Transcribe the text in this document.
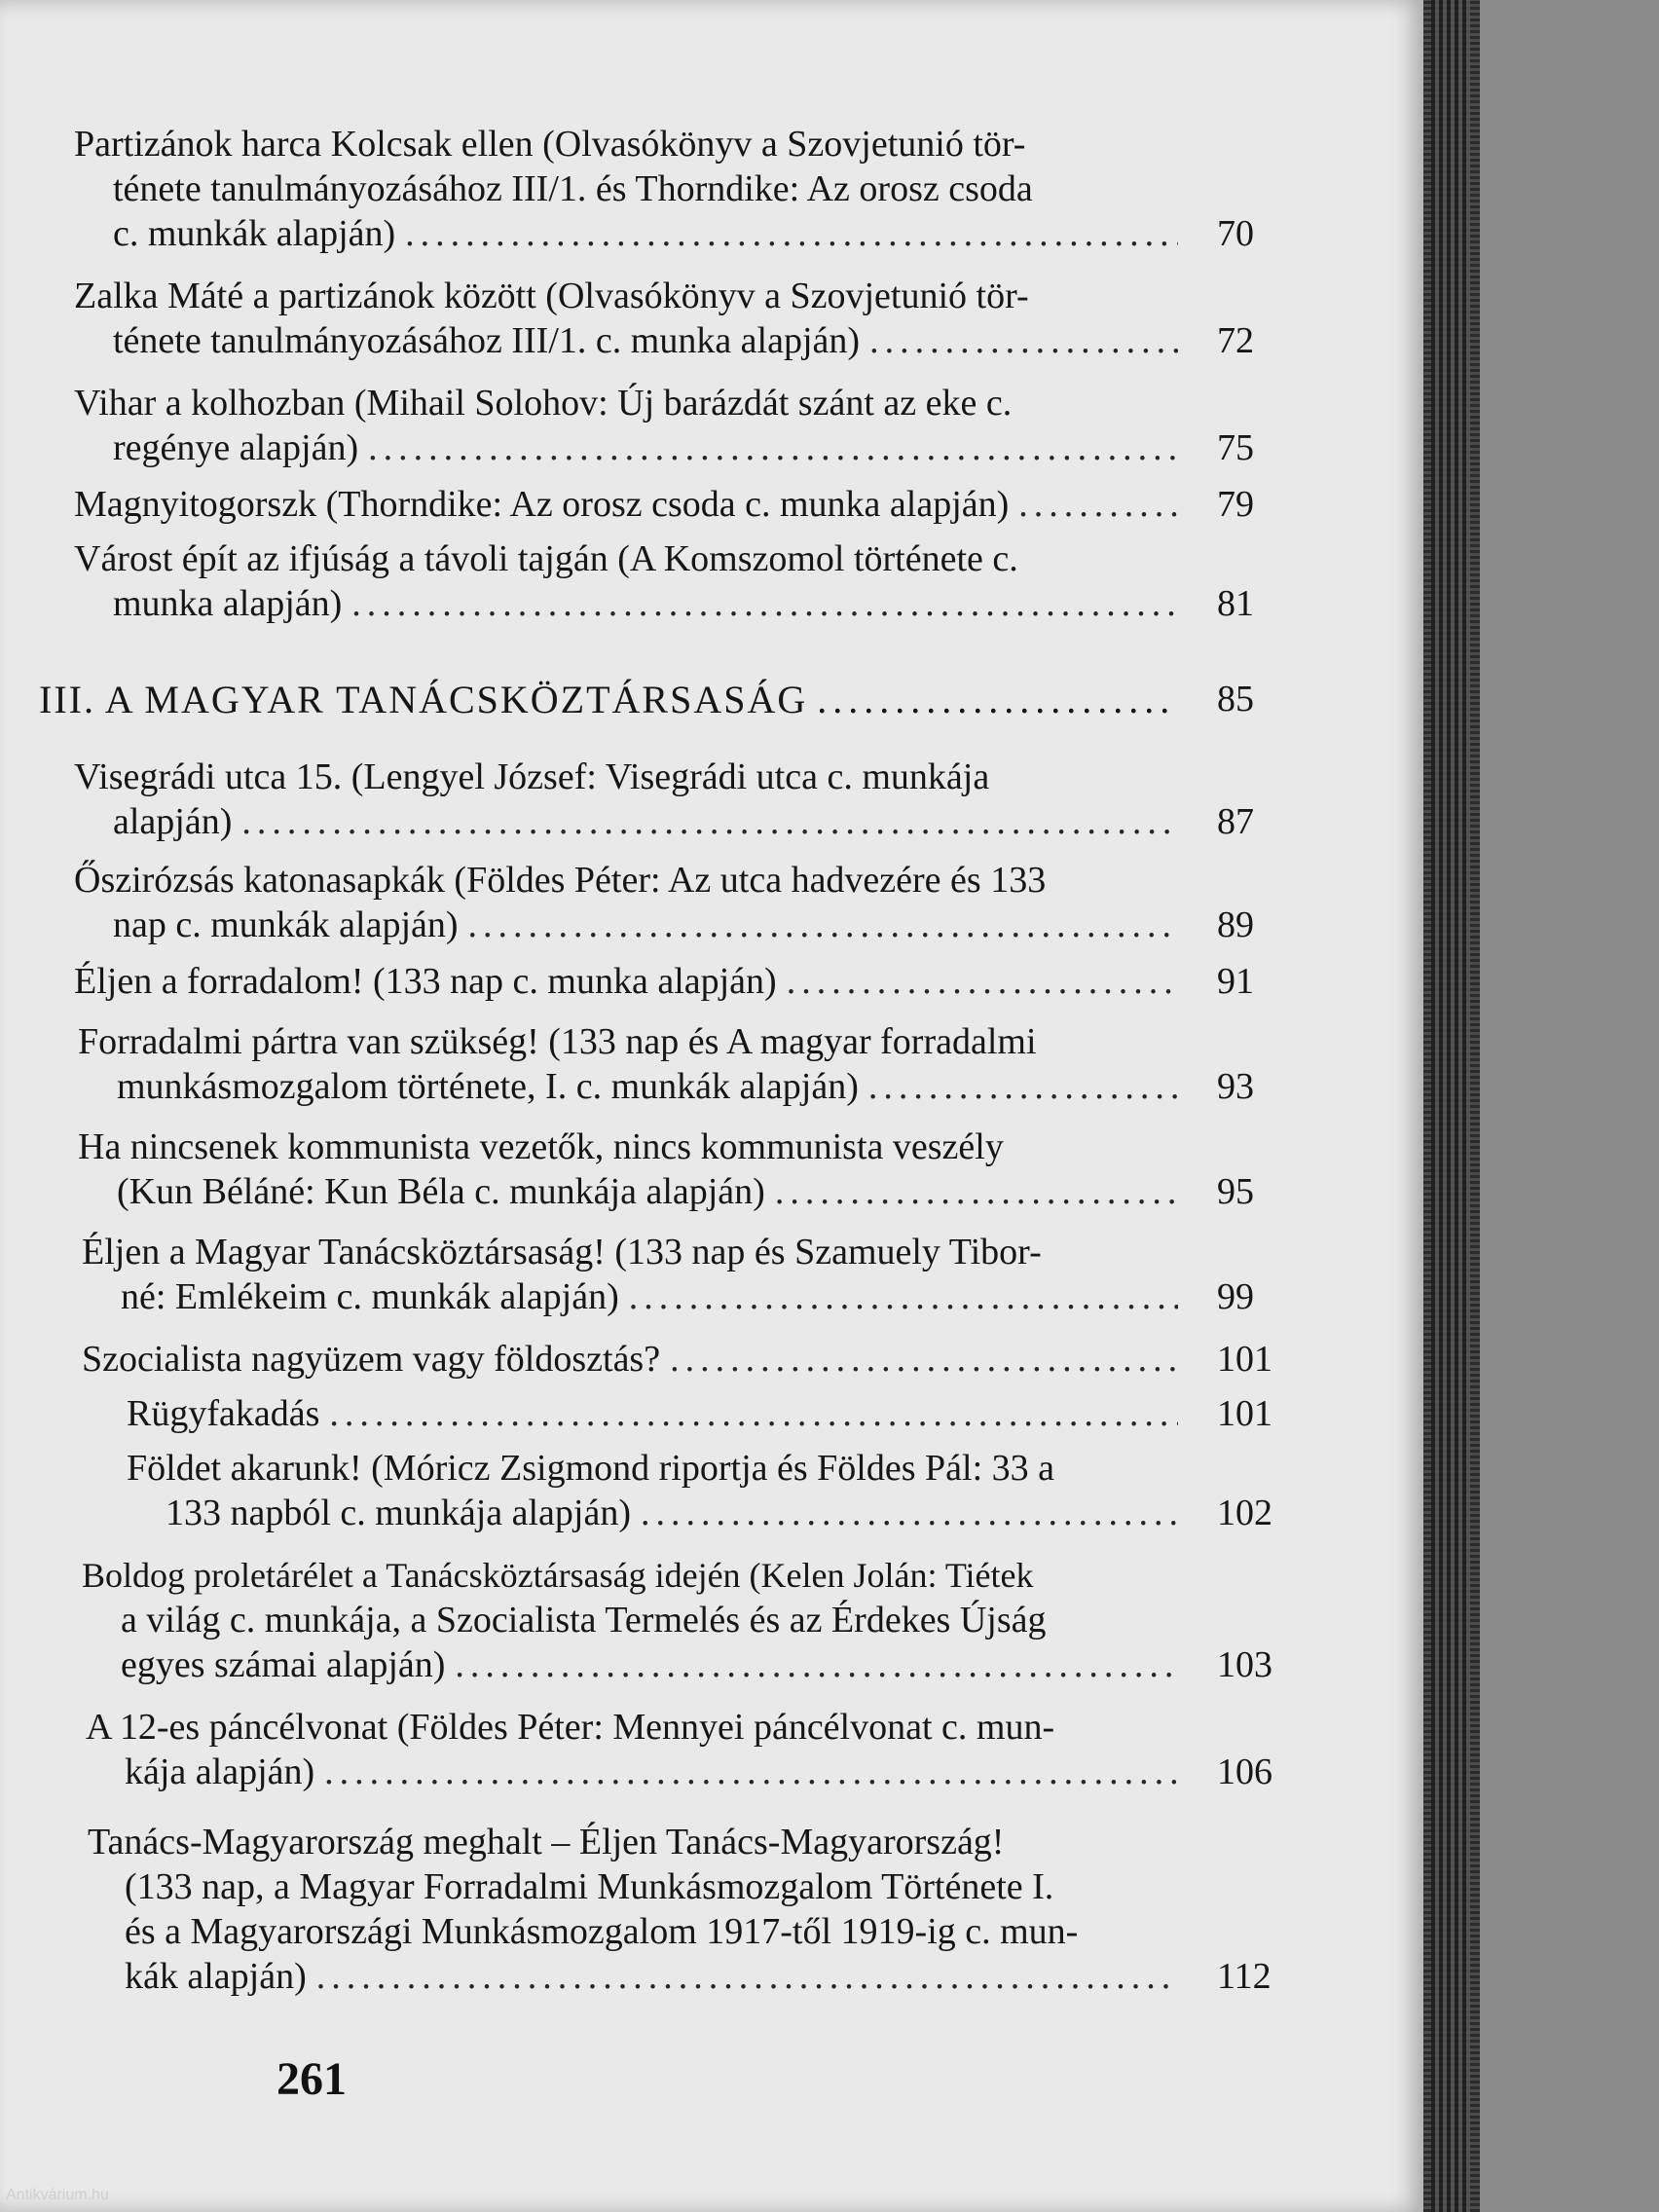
Partizánok harca Kolcsak ellen (Olvasókönyv a Szovjetunió tör-
ténete tanulmányozásához III/1. és Thorndike: Az orosz csoda
c. munkák alapján) .....	70
Zalka Máté a partizánok között (Olvasókönyv a Szovjetunió tör-
ténete tanulmányozásához III/1. c. munka alapján) .....	72
Vihar a kolhozban (Mihail Solohov: Új barázdát szánt az eke c.
regénye alapján) .....	75
Magnyitogorszk (Thorndike: Az orosz csoda c. munka alapján) .....	79
Várost épít az ifjúság a távoli tajgán (A Komszomol története c.
munka alapján) .....	81
III. A MAGYAR TANÁCSKÖZTÁRSASÁG .....	85
Visegrádi utca 15. (Lengyel József: Visegrádi utca c. munkája
alapján) .....	87
Őszirózsás katonasapkák (Földes Péter: Az utca hadvezére és 133
nap c. munkák alapján) .....	89
Éljen a forradalom! (133 nap c. munka alapján) .....	91
Forradalmi pártra van szükség! (133 nap és A magyar forradalmi
munkásmozgalom története, I. c. munkák alapján) .....	93
Ha nincsenek kommunista vezetők, nincs kommunista veszély
(Kun Béláné: Kun Béla c. munkája alapján) .....	95
Éljen a Magyar Tanácsköztársaság! (133 nap és Szamuely Tibor-
né: Emlékeim c. munkák alapján) .....	99
Szocialista nagyüzem vagy földosztás? .....	101
Rügyfakadás .....	101
Földet akarunk! (Móricz Zsigmond riportja és Földes Pál: 33 a
133 napból c. munkája alapján) .....	102
Boldog proletárélet a Tanácsköztársaság idején (Kelen Jolán: Tiétek
a világ c. munkája, a Szocialista Termelés és az Érdekes Újság
egyes számai alapján) .....	103
A 12-es páncélvonat (Földes Péter: Mennyei páncélvonat c. mun-
kája alapján) .....	106
Tanács-Magyarország meghalt – Éljen Tanács-Magyarország!
(133 nap, a Magyar Forradalmi Munkásmozgalom Története I.
és a Magyarországi Munkásmozgalom 1917-től 1919-ig c. mun-
kák alapján) .....	112
261
Antikvárium.hu
